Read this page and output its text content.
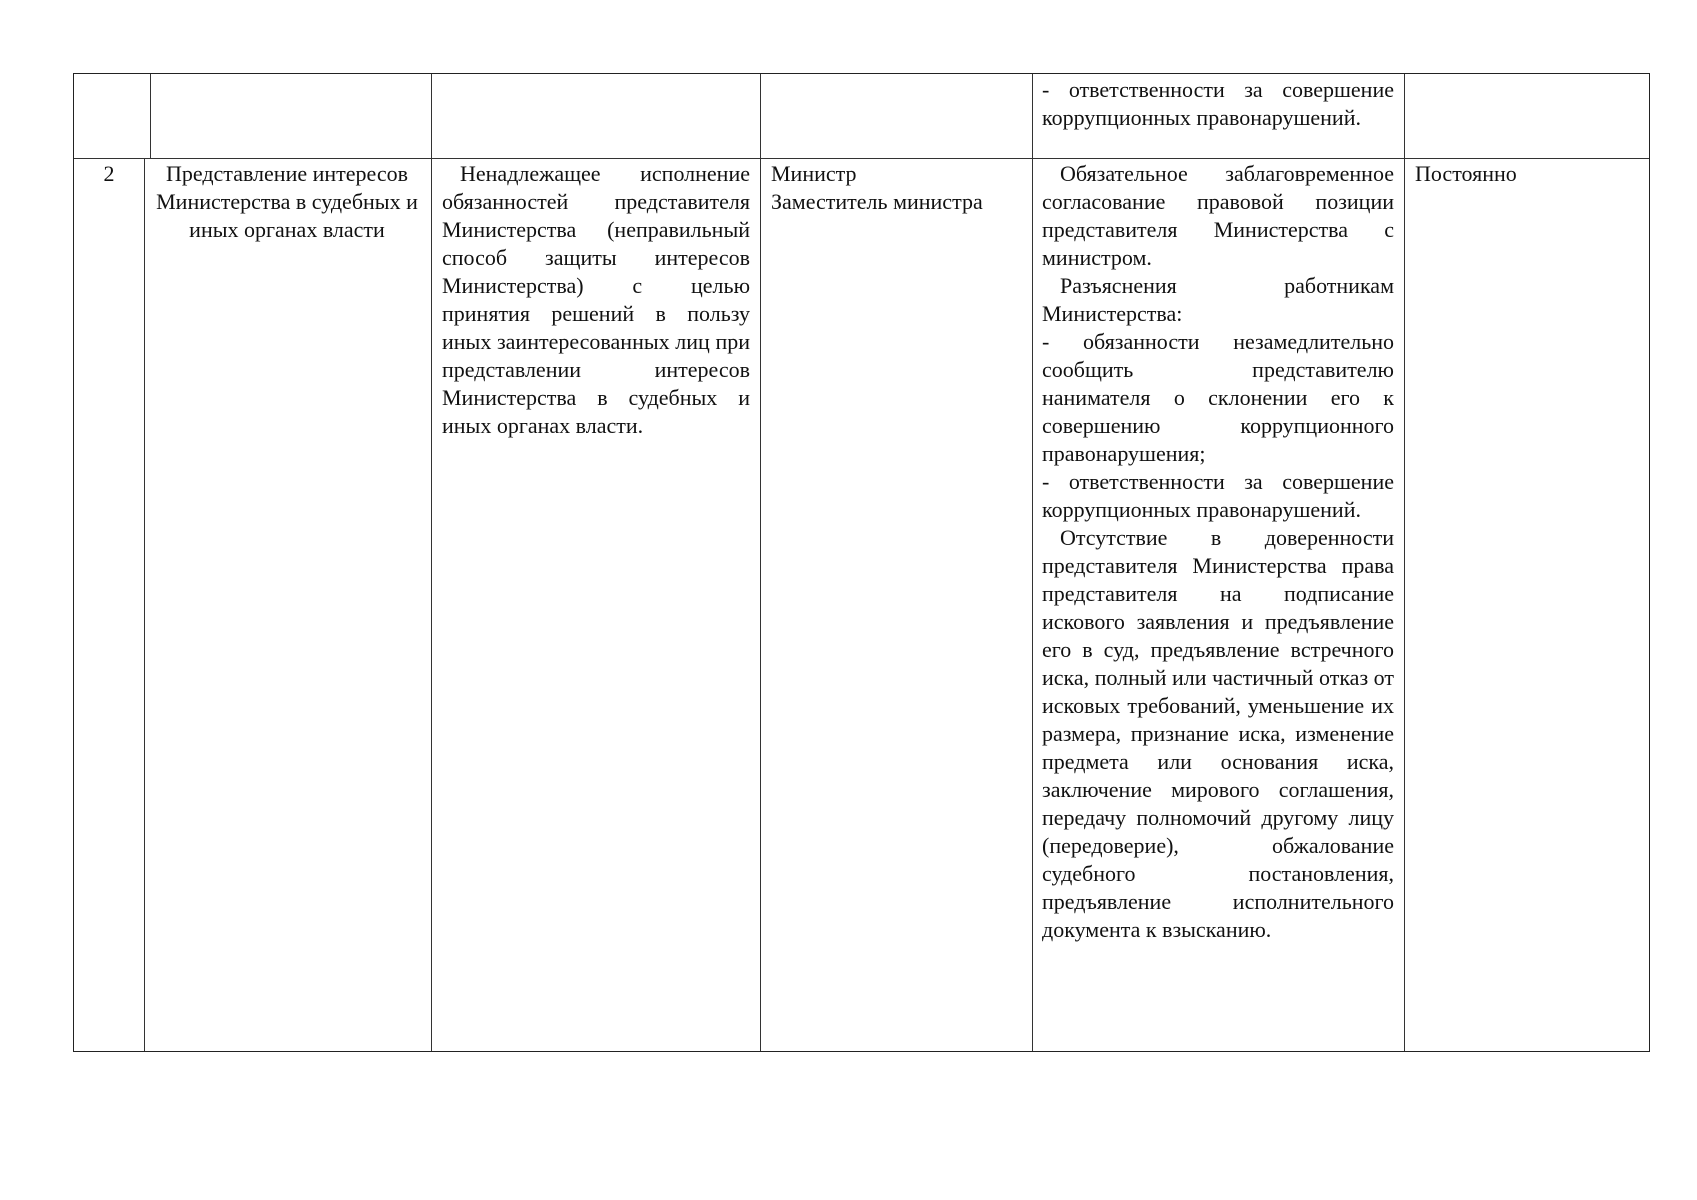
- ответственности за совершение коррупционных правонарушений.

2	Представление интересов Министерства в судебных и иных органах власти

Ненадлежащее исполнение обязанностей представителя Министерства (неправильный способ защиты интересов Министерства) с целью принятия решений в пользу иных заинтересованных лиц при представлении интересов Министерства в судебных и иных органах власти.

Министр
Заместитель министра

Обязательное заблаговременное согласование правовой позиции представителя Министерства с министром.

Разъяснения работникам Министерства:

- обязанности незамедлительно сообщить представителю нанимателя о склонении его к совершению коррупционного правонарушения;

- ответственности за совершение коррупционных правонарушений.

Отсутствие в доверенности представителя Министерства права представителя на подписание искового заявления и предъявление его в суд, предъявление встречного иска, полный или частичный отказ от исковых требований, уменьшение их размера, признание иска, изменение предмета или основания иска, заключение мирового соглашения, передачу полномочий другому лицу (передоверие), обжалование судебного постановления, предъявление исполнительного документа к взысканию.

Постоянно
